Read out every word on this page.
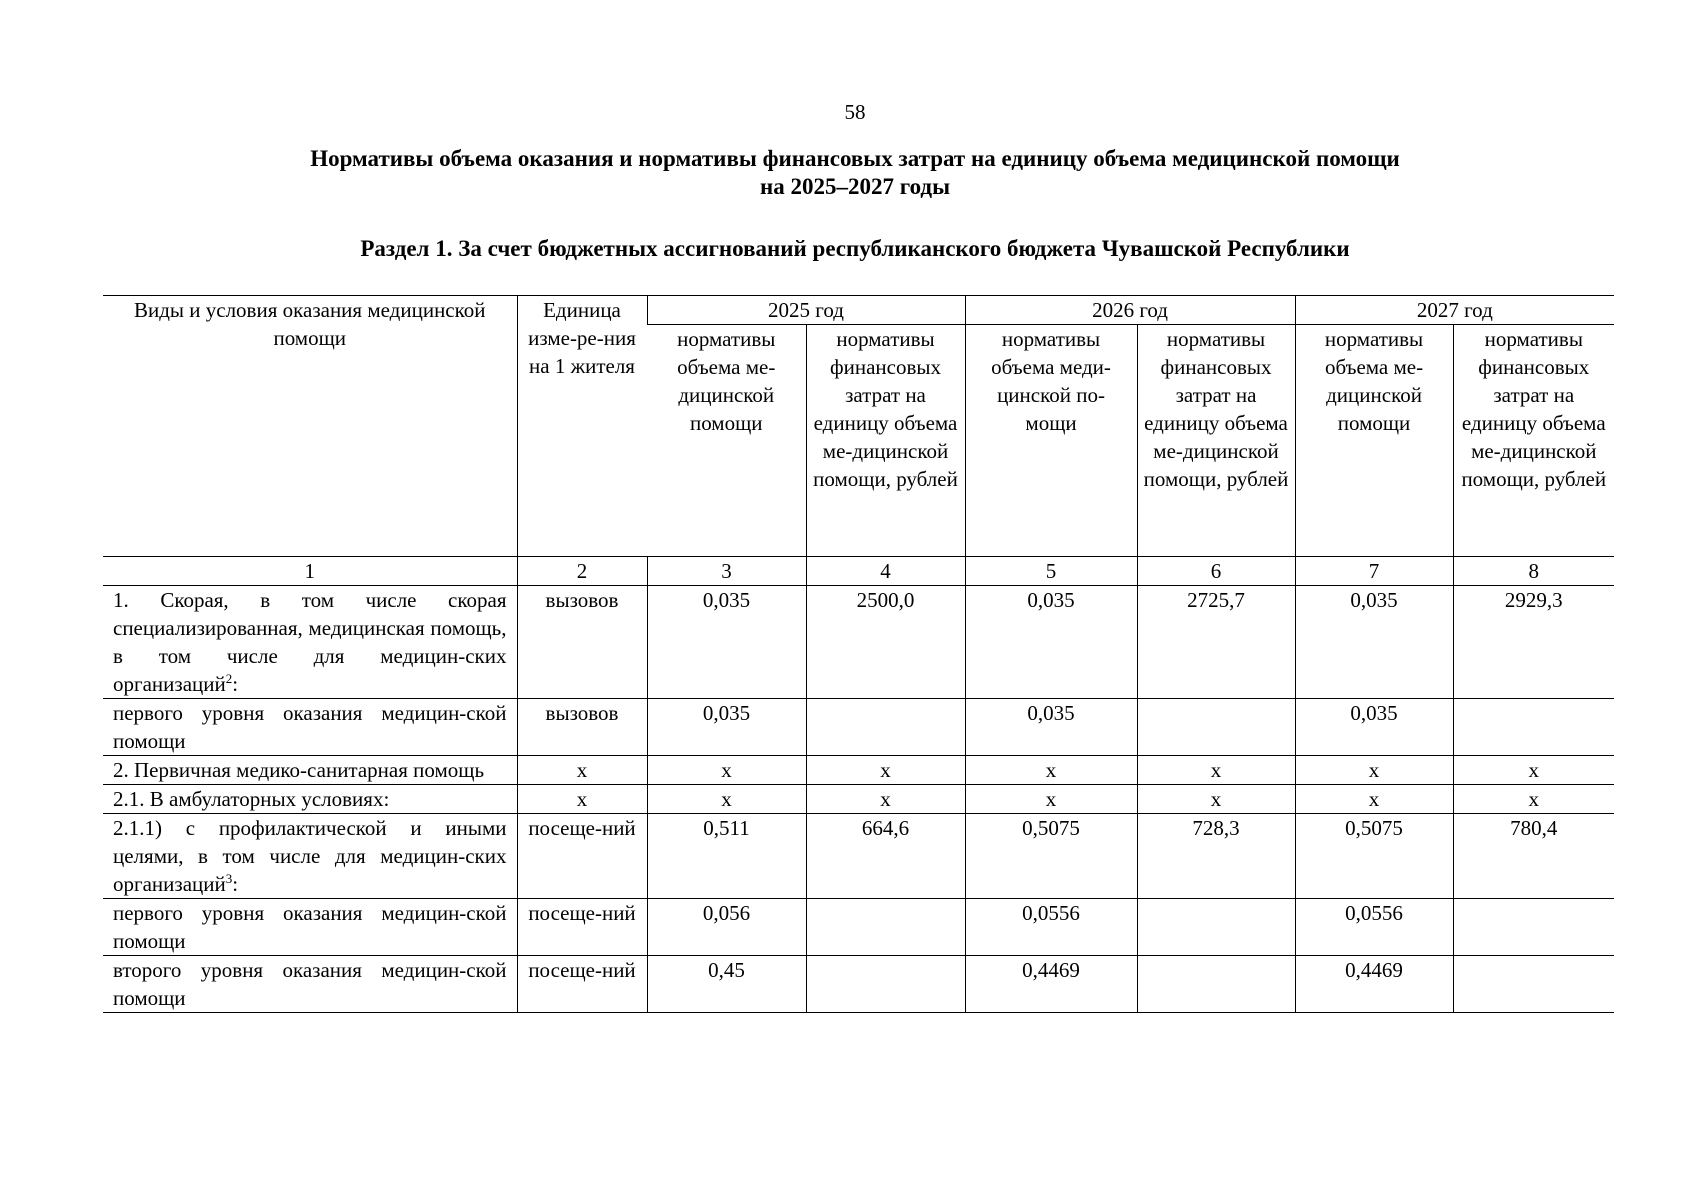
58
Нормативы объема оказания и нормативы финансовых затрат на единицу объема медицинской помощи
на 2025–2027 годы
Раздел 1. За счет бюджетных ассигнований республиканского бюджета Чувашской Республики
Виды и условия оказания медицинской помощи	Единица изме-ре-ния на 1 жителя	2025 год		2026 год		2027 год	
		нормативы объема ме-дицинской помощи	нормативы финансовых затрат на единицу объема ме-дицинской помощи, рублей	нормативы объема меди-цинской по-мощи	нормативы финансовых затрат на единицу объема ме-дицинской помощи, рублей	нормативы объема ме-дицинской помощи	нормативы финансовых затрат на единицу объема ме-дицинской помощи, рублей
1	2	3	4	5	6	7	8
1. Скорая, в том числе скорая специализированная, медицинская помощь, в том числе для медицин-ских организаций$^2$:	вызовов	0,035	2500,0	0,035	2725,7	0,035	2929,3
первого уровня оказания медицин-ской помощи	вызовов	0,035		0,035		0,035	
2. Первичная медико-санитарная помощь	х	х	х	х	х	х	х
2.1. В амбулаторных условиях:	х	х	х	х	х	х	х
2.1.1) с профилактической и иными целями, в том числе для медицин-ских организаций$^3$:	посеще-ний	0,511	664,6	0,5075	728,3	0,5075	780,4
первого уровня оказания медицин-ской помощи	посеще-ний	0,056		0,0556		0,0556	
второго уровня оказания медицин-ской помощи	посеще-ний	0,45		0,4469		0,4469	
